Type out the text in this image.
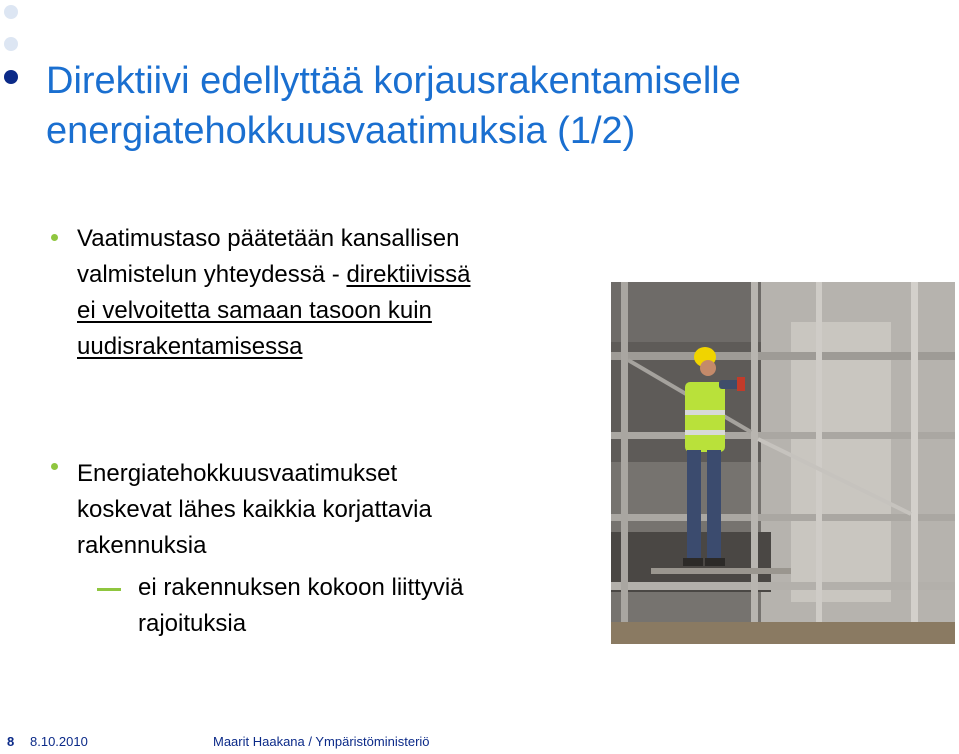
Direktiivi edellyttää korjausrakentamiselle
energiatehokkuusvaatimuksia (1/2)
Vaatimustaso päätetään kansallisen
valmistelun yhteydessä - direktiivissä
ei velvoitetta samaan tasoon kuin
uudisrakentamisessa
Energiatehokkuusvaatimukset
koskevat lähes kaikkia korjattavia
rakennuksia
ei rakennuksen kokoon liittyviä
rajoituksia
8 8.10.2010	Maarit Haakana / Ympäristöministeriö
